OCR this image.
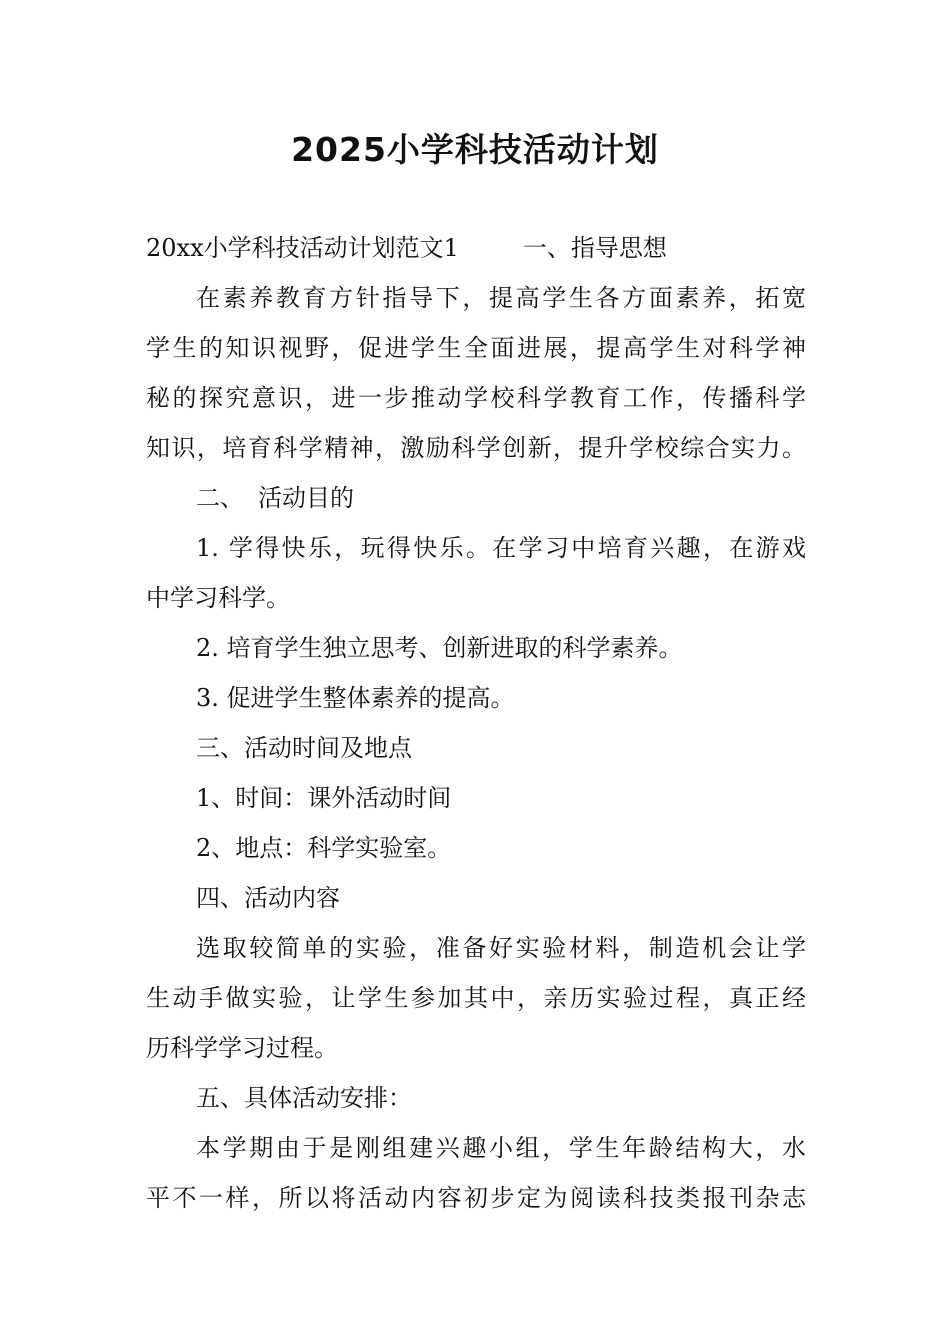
2025小学科技活动计划
20xx小学科技活动计划范文1	一、指导思想
在素养教育方针指导下，提高学生各方面素养，拓宽
学生的知识视野，促进学生全面进展，提高学生对科学神
秘的探究意识，进一步推动学校科学教育工作，传播科学
知识，培育科学精神，激励科学创新，提升学校综合实力。
二、 活动目的
1. 学得快乐，玩得快乐。在学习中培育兴趣，在游戏
中学习科学。
2. 培育学生独立思考、创新进取的科学素养。
3. 促进学生整体素养的提高。
三、活动时间及地点
1、时间：课外活动时间
2、地点：科学实验室。
四、活动内容
选取较简单的实验，准备好实验材料，制造机会让学
生动手做实验，让学生参加其中，亲历实验过程，真正经
历科学学习过程。
五、具体活动安排：
本学期由于是刚组建兴趣小组，学生年龄结构大，水
平不一样，所以将活动内容初步定为阅读科技类报刊杂志
